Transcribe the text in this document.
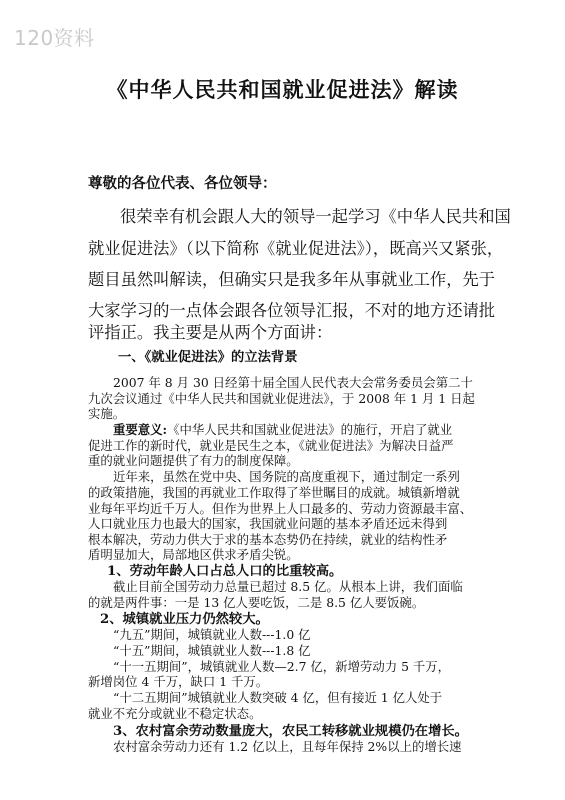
120资料
《中华人民共和国就业促进法》解读
尊敬的各位代表、各位领导：
很荣幸有机会跟人大的领导一起学习《中华人民共和国
就业促进法》（以下简称《就业促进法》），既高兴又紧张，
题目虽然叫解读，但确实只是我多年从事就业工作，先于
大家学习的一点体会跟各位领导汇报，不对的地方还请批
评指正。我主要是从两个方面讲：
一、《就业促进法》的立法背景
2007 年 8 月 30 日经第十届全国人民代表大会常务委员会第二十
九次会议通过《中华人民共和国就业促进法》，于 2008 年 1 月 1 日起
实施。
重要意义:《中华人民共和国就业促进法》的施行，开启了就业
促进工作的新时代，就业是民生之本，《就业促进法》为解决日益严
重的就业问题提供了有力的制度保障。
近年来，虽然在党中央、国务院的高度重视下，通过制定一系列
的政策措施，我国的再就业工作取得了举世瞩目的成就。城镇新增就
业每年平均近千万人。但作为世界上人口最多的、劳动力资源最丰富、
人口就业压力也最大的国家，我国就业问题的基本矛盾还远未得到
根本解决，劳动力供大于求的基本态势仍在持续，就业的结构性矛
盾明显加大，局部地区供求矛盾尖锐。
1、劳动年龄人口占总人口的比重较高。
截止目前全国劳动力总量已超过 8.5 亿。从根本上讲，我们面临
的就是两件事：一是 13 亿人要吃饭，二是 8.5 亿人要饭碗。
2、城镇就业压力仍然较大。
“九五”期间，城镇就业人数---1.0 亿
“十五”期间，城镇就业人数---1.8 亿
“十一五期间”，城镇就业人数—2.7 亿，新增劳动力 5 千万，
新增岗位 4 千万，缺口 1 千万。
“十二五期间”城镇就业人数突破 4 亿，但有接近 1 亿人处于
就业不充分或就业不稳定状态。
3、农村富余劳动数量庞大，农民工转移就业规模仍在增长。
农村富余劳动力还有 1.2 亿以上，且每年保持 2%以上的增长速
